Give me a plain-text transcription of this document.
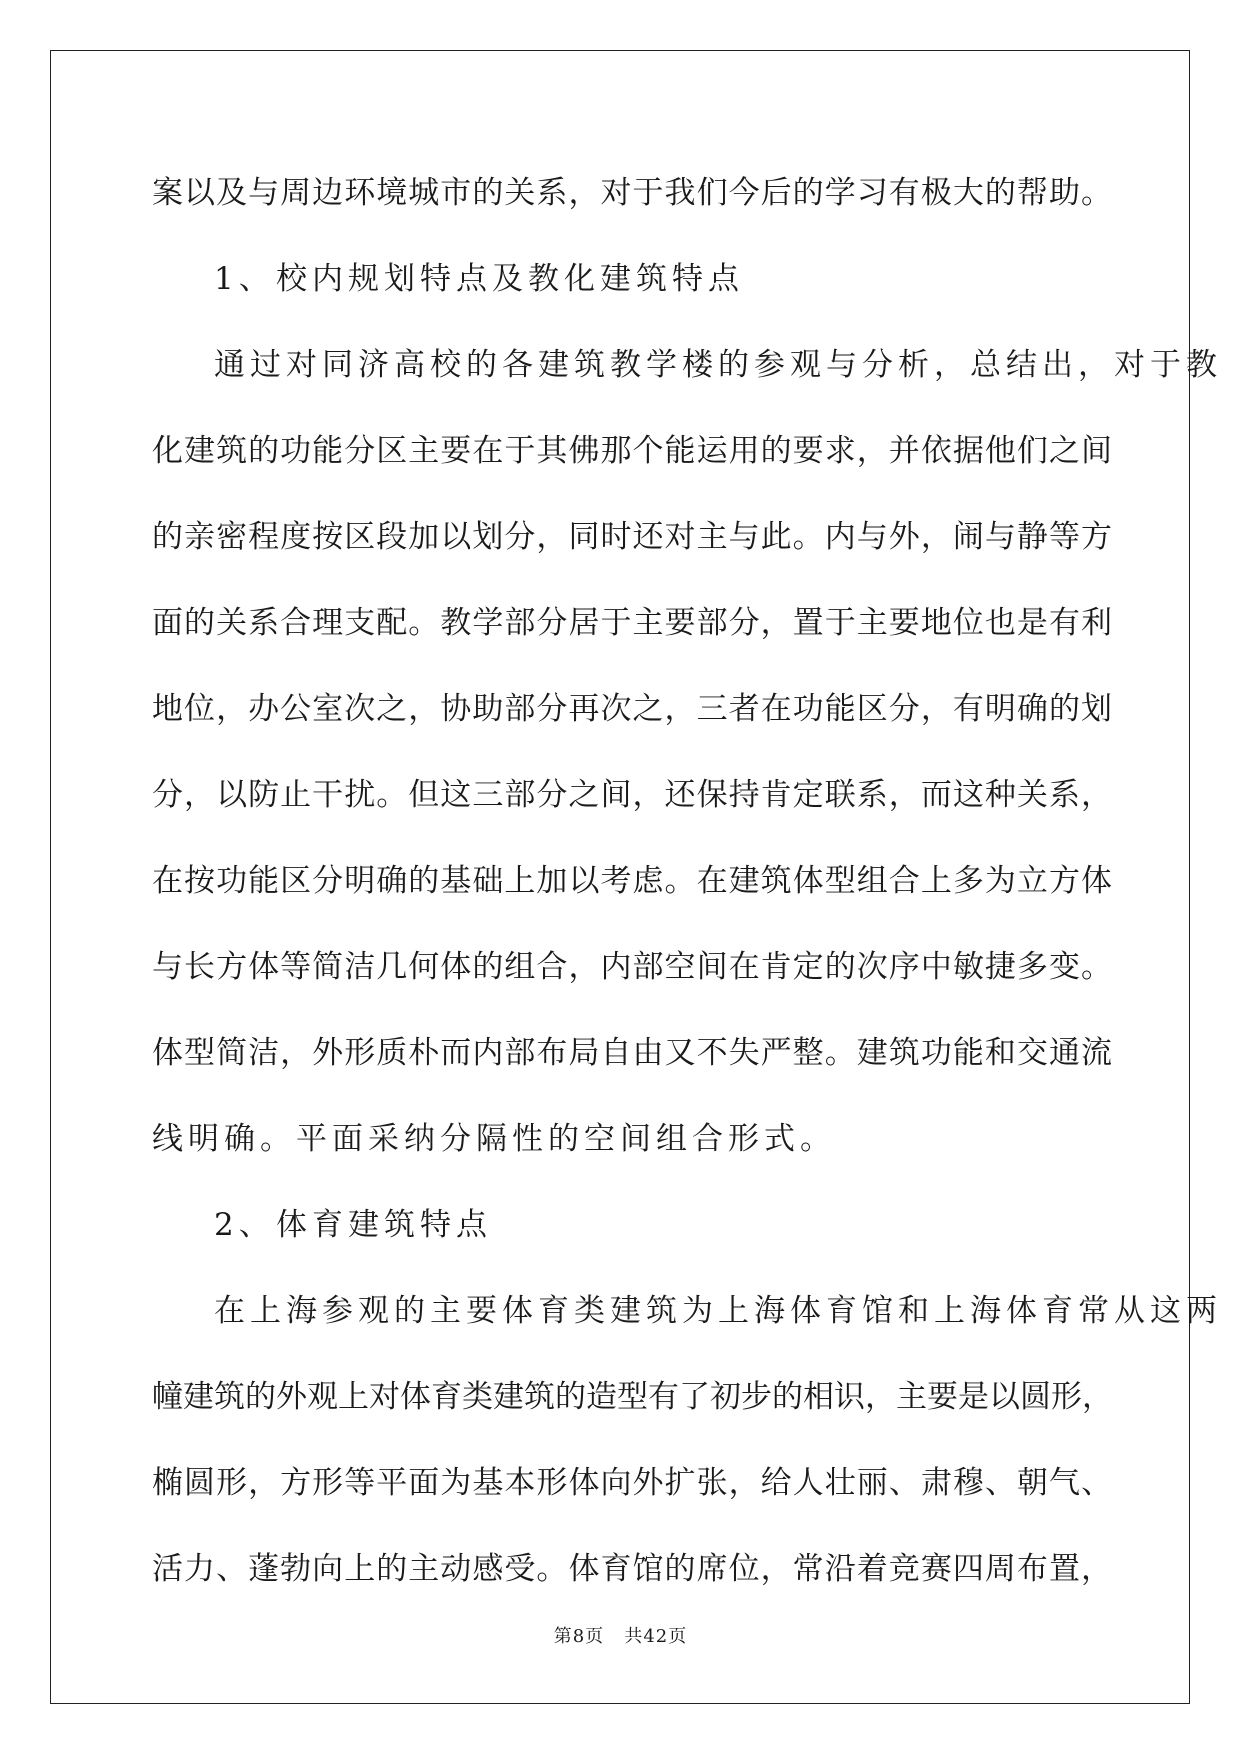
案以及与周边环境城市的关系，对于我们今后的学习有极大的帮助。
1、校内规划特点及教化建筑特点
通过对同济高校的各建筑教学楼的参观与分析，总结出，对于教
化建筑的功能分区主要在于其佛那个能运用的要求，并依据他们之间
的亲密程度按区段加以划分，同时还对主与此。内与外，闹与静等方
面的关系合理支配。教学部分居于主要部分，置于主要地位也是有利
地位，办公室次之，协助部分再次之，三者在功能区分，有明确的划
分，以防止干扰。但这三部分之间，还保持肯定联系，而这种关系，
在按功能区分明确的基础上加以考虑。在建筑体型组合上多为立方体
与长方体等简洁几何体的组合，内部空间在肯定的次序中敏捷多变。
体型简洁，外形质朴而内部布局自由又不失严整。建筑功能和交通流
线明确。平面采纳分隔性的空间组合形式。
2、体育建筑特点
在上海参观的主要体育类建筑为上海体育馆和上海体育常从这两
幢建筑的外观上对体育类建筑的造型有了初步的相识，主要是以圆形，
椭圆形，方形等平面为基本形体向外扩张，给人壮丽、肃穆、朝气、
活力、蓬勃向上的主动感受。体育馆的席位，常沿着竞赛四周布置，
第8页 共42页
